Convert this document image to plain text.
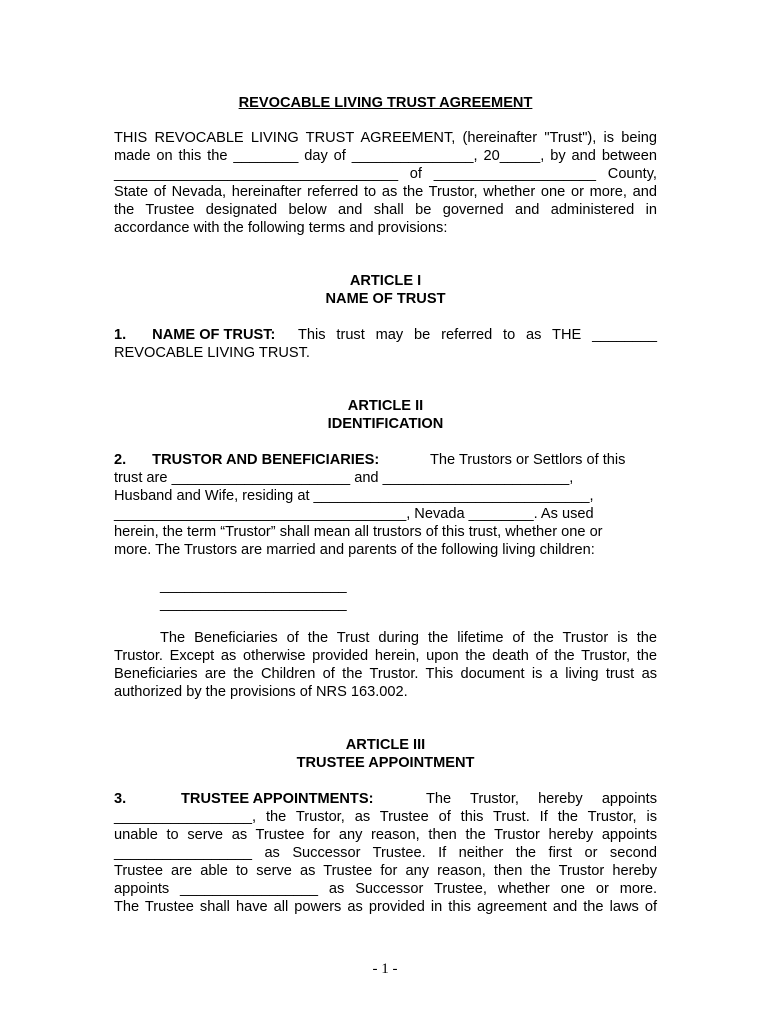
REVOCABLE LIVING TRUST AGREEMENT
THIS REVOCABLE LIVING TRUST AGREEMENT, (hereinafter "Trust"), is being
made on this the ________ day of _______________, 20_____, by and between
___________________________________ of ____________________ County,
State of Nevada, hereinafter referred to as the Trustor, whether one or more, and
the Trustee designated below and shall be governed and administered in
accordance with the following terms and provisions:
ARTICLE I
NAME OF TRUST
1. NAME OF TRUST: This trust may be referred to as THE ________
REVOCABLE LIVING TRUST.
ARTICLE II
IDENTIFICATION
2. TRUSTOR AND BENEFICIARIES:	The Trustors or Settlors of this
trust are ______________________ and _______________________,
Husband and Wife, residing at __________________________________,
____________________________________, Nevada ________. As used
herein, the term “Trustor” shall mean all trustors of this trust, whether one or
more. The Trustors are married and parents of the following living children:
_______________________
_______________________
The Beneficiaries of the Trust during the lifetime of the Trustor is the
Trustor. Except as otherwise provided herein, upon the death of the Trustor, the
Beneficiaries are the Children of the Trustor. This document is a living trust as
authorized by the provisions of NRS 163.002.
ARTICLE III
TRUSTEE APPOINTMENT
3.	TRUSTEE APPOINTMENTS:	The Trustor, hereby appoints
_________________, the Trustor, as Trustee of this Trust. If the Trustor, is
unable to serve as Trustee for any reason, then the Trustor hereby appoints
_________________ as Successor Trustee. If neither the first or second
Trustee are able to serve as Trustee for any reason, then the Trustor hereby
appoints _________________ as Successor Trustee, whether one or more.
The Trustee shall have all powers as provided in this agreement and the laws of
- 1 -
